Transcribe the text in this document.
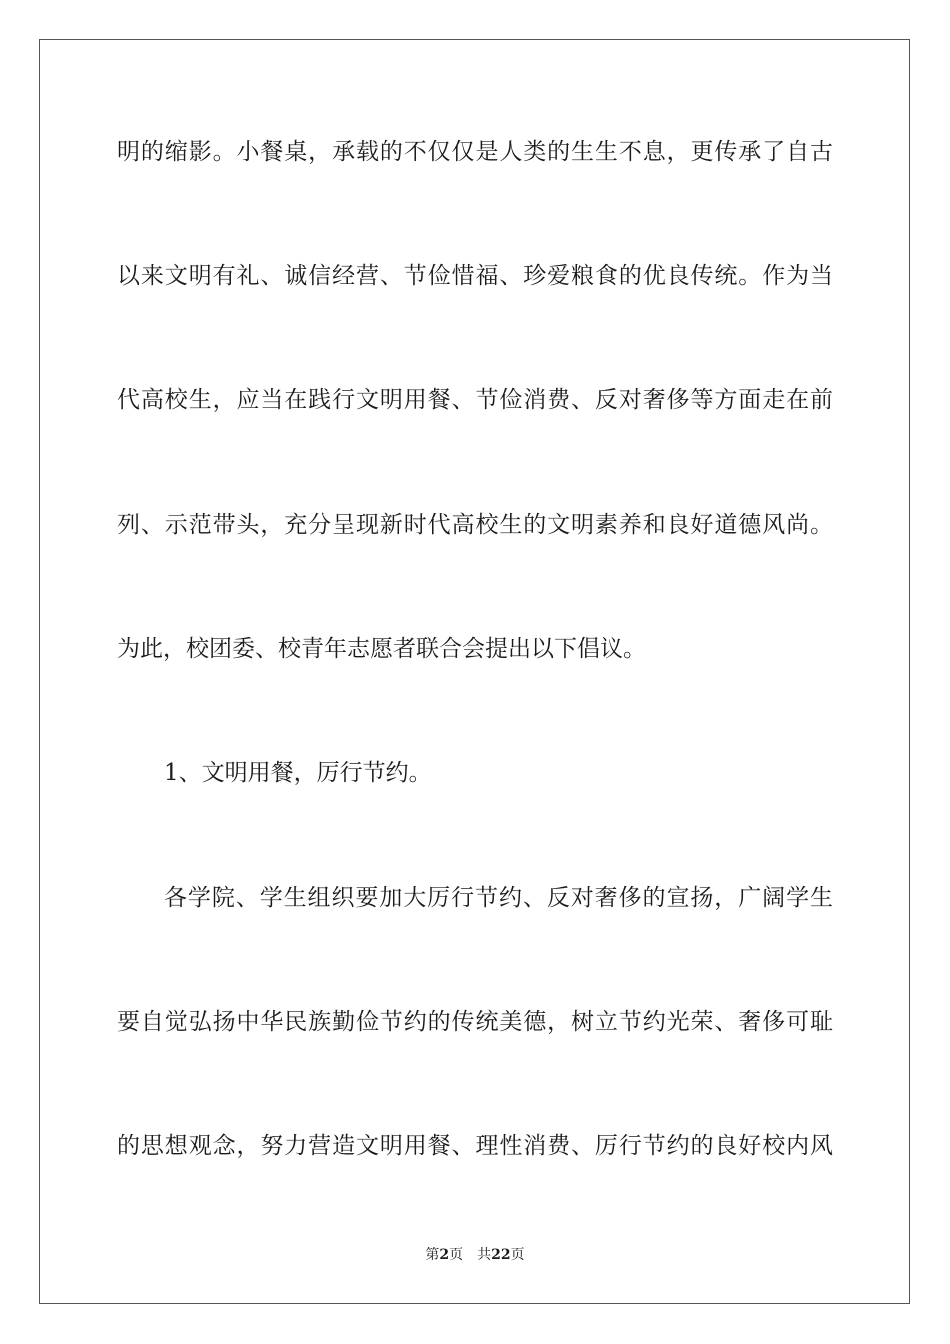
明的缩影。小餐桌，承载的不仅仅是人类的生生不息，更传承了自古

以来文明有礼、诚信经营、节俭惜福、珍爱粮食的优良传统。作为当

代高校生，应当在践行文明用餐、节俭消费、反对奢侈等方面走在前

列、示范带头，充分呈现新时代高校生的文明素养和良好道德风尚。

为此，校团委、校青年志愿者联合会提出以下倡议。

1、文明用餐，厉行节约。

各学院、学生组织要加大厉行节约、反对奢侈的宣扬，广阔学生

要自觉弘扬中华民族勤俭节约的传统美德，树立节约光荣、奢侈可耻

的思想观念，努力营造文明用餐、理性消费、厉行节约的良好校内风

第2页 共22页
